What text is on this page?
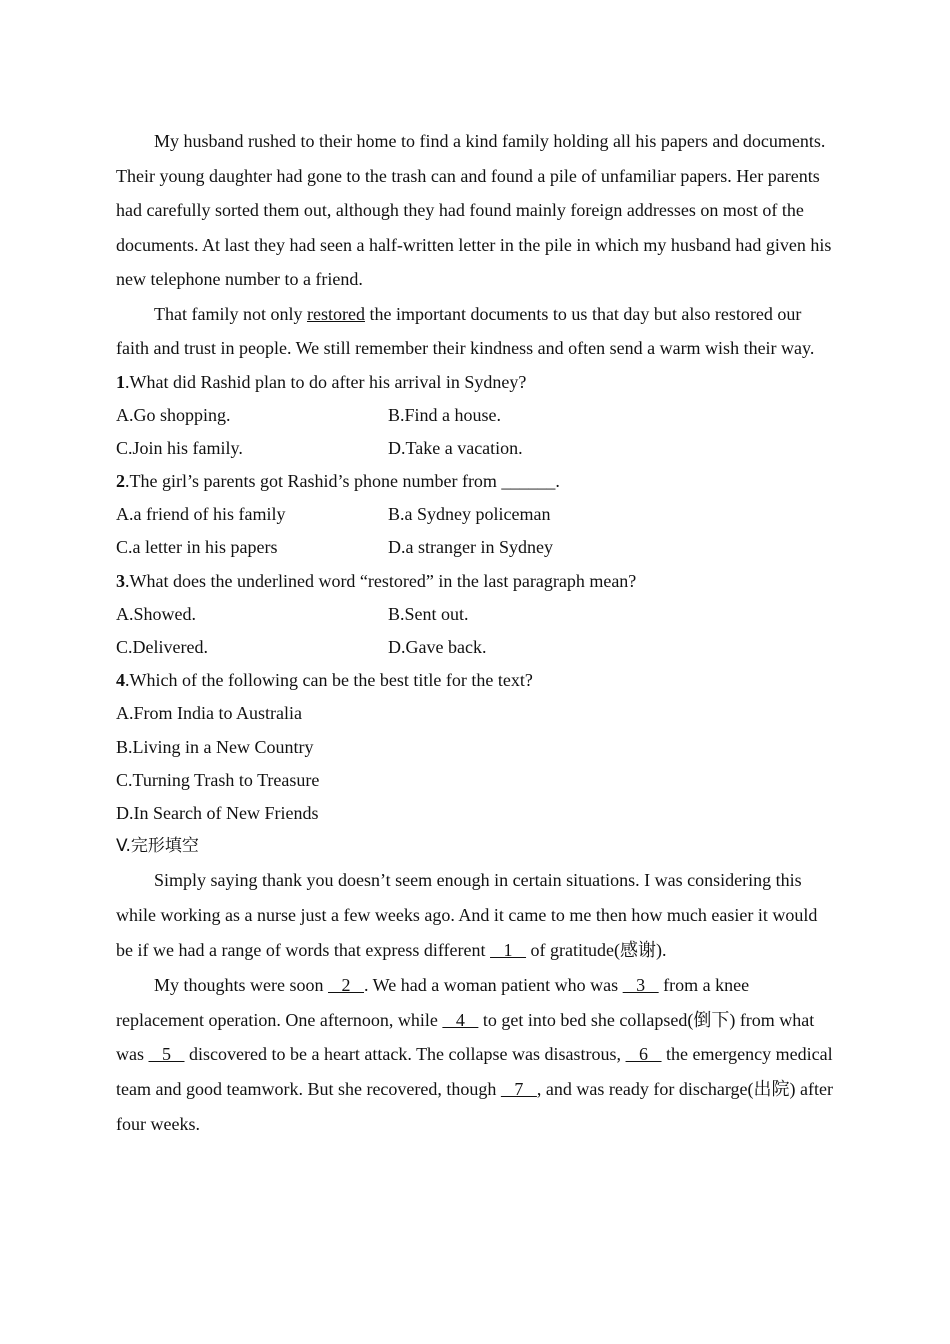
My husband rushed to their home to find a kind family holding all his papers and documents. Their young daughter had gone to the trash can and found a pile of unfamiliar papers. Her parents had carefully sorted them out, although they had found mainly foreign addresses on most of the documents. At last they had seen a half-written letter in the pile in which my husband had given his new telephone number to a friend.

That family not only restored the important documents to us that day but also restored our faith and trust in people. We still remember their kindness and often send a warm wish their way.

1.What did Rashid plan to do after his arrival in Sydney?
A.Go shopping.	B.Find a house.
C.Join his family.	D.Take a vacation.
2.The girl’s parents got Rashid’s phone number from ______.
A.a friend of his family	B.a Sydney policeman
C.a letter in his papers	D.a stranger in Sydney
3.What does the underlined word “restored” in the last paragraph mean?
A.Showed.	B.Sent out.
C.Delivered.	D.Gave back.
4.Which of the following can be the best title for the text?
A.From India to Australia
B.Living in a New Country
C.Turning Trash to Treasure
D.In Search of New Friends
V.完形填空

Simply saying thank you doesn’t seem enough in certain situations. I was considering this while working as a nurse just a few weeks ago. And it came to me then how much easier it would be if we had a range of words that express different    1    of gratitude(感谢).

My thoughts were soon    2   . We had a woman patient who was    3    from a knee replacement operation. One afternoon, while    4    to get into bed she collapsed(倒下) from what was    5    discovered to be a heart attack. The collapse was disastrous,    6    the emergency medical team and good teamwork. But she recovered, though    7   , and was ready for discharge(出院) after four weeks.
